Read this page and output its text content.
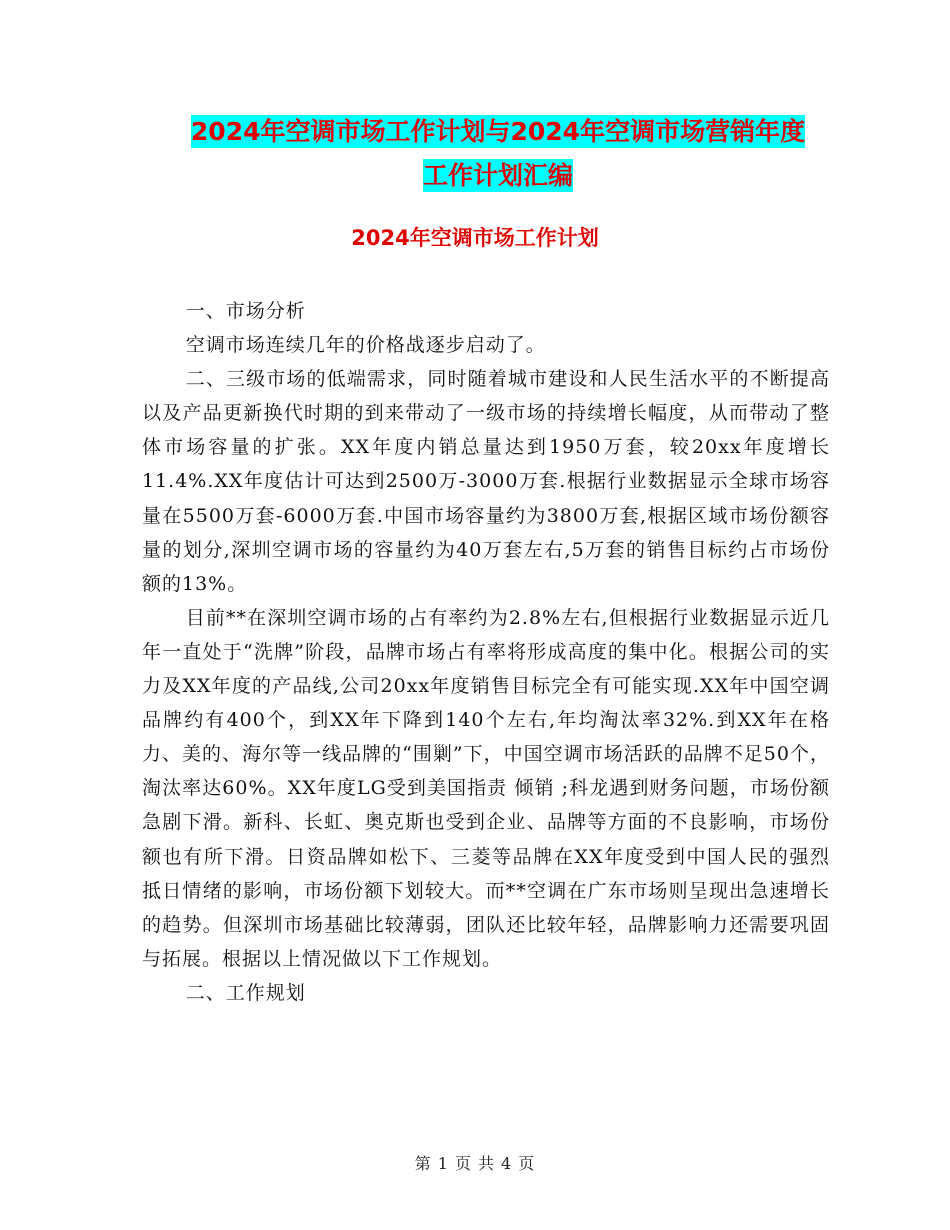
2024年空调市场工作计划与2024年空调市场营销年度
工作计划汇编
2024年空调市场工作计划

一、市场分析

空调市场连续几年的价格战逐步启动了。

二、三级市场的低端需求，同时随着城市建设和人民生活水平的不断提高以及产品更新换代时期的到来带动了一级市场的持续增长幅度，从而带动了整体市场容量的扩张。XX年度内销总量达到1950万套，较20xx年度增长11.4%.XX年度估计可达到2500万-3000万套.根据行业数据显示全球市场容量在5500万套-6000万套.中国市场容量约为3800万套,根据区域市场份额容量的划分,深圳空调市场的容量约为40万套左右,5万套的销售目标约占市场份额的13%。

目前**在深圳空调市场的占有率约为2.8%左右,但根据行业数据显示近几年一直处于“洗牌”阶段，品牌市场占有率将形成高度的集中化。根据公司的实力及XX年度的产品线,公司20xx年度销售目标完全有可能实现.XX年中国空调品牌约有400个，到XX年下降到140个左右,年均淘汰率32%.到XX年在格力、美的、海尔等一线品牌的“围剿”下，中国空调市场活跃的品牌不足50个，淘汰率达60%。XX年度LG受到美国指责 倾销 ;科龙遇到财务问题，市场份额急剧下滑。新科、长虹、奥克斯也受到企业、品牌等方面的不良影响，市场份额也有所下滑。日资品牌如松下、三菱等品牌在XX年度受到中国人民的强烈抵日情绪的影响，市场份额下划较大。而**空调在广东市场则呈现出急速增长的趋势。但深圳市场基础比较薄弱，团队还比较年轻，品牌影响力还需要巩固与拓展。根据以上情况做以下工作规划。

二、工作规划

第 1 页 共 4 页
